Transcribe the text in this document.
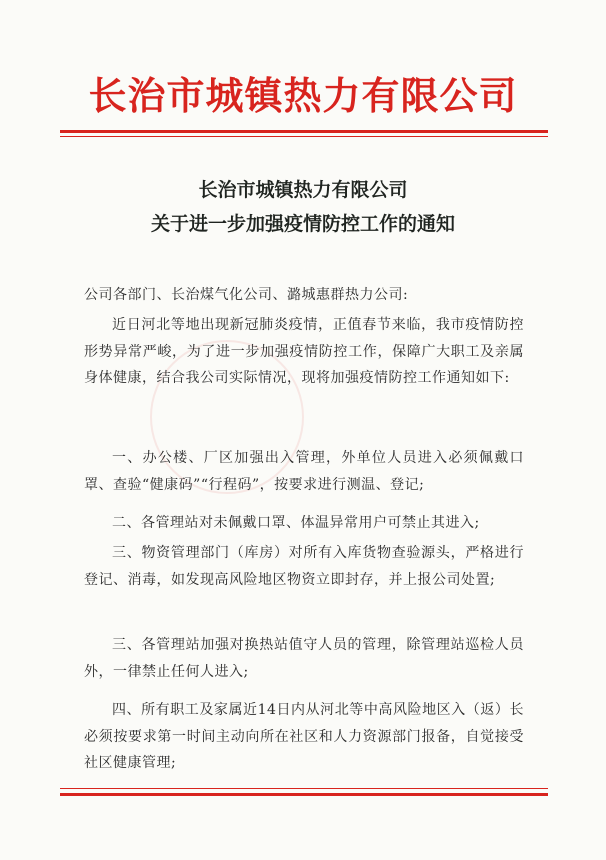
长治市城镇热力有限公司
长治市城镇热力有限公司
关于进一步加强疫情防控工作的通知
公司各部门、长治煤气化公司、潞城惠群热力公司:

近日河北等地出现新冠肺炎疫情，正值春节来临，我市疫情防控形势异常严峻，为了进一步加强疫情防控工作，保障广大职工及亲属身体健康，结合我公司实际情况，现将加强疫情防控工作通知如下:

一、办公楼、厂区加强出入管理，外单位人员进入必须佩戴口罩、查验“健康码”“行程码”，按要求进行测温、登记;

二、各管理站对未佩戴口罩、体温异常用户可禁止其进入;

三、物资管理部门（库房）对所有入库货物查验源头，严格进行登记、消毒，如发现高风险地区物资立即封存，并上报公司处置;

三、各管理站加强对换热站值守人员的管理，除管理站巡检人员外，一律禁止任何人进入;

四、所有职工及家属近14日内从河北等中高风险地区入（返）长必须按要求第一时间主动向所在社区和人力资源部门报备，自觉接受社区健康管理;
